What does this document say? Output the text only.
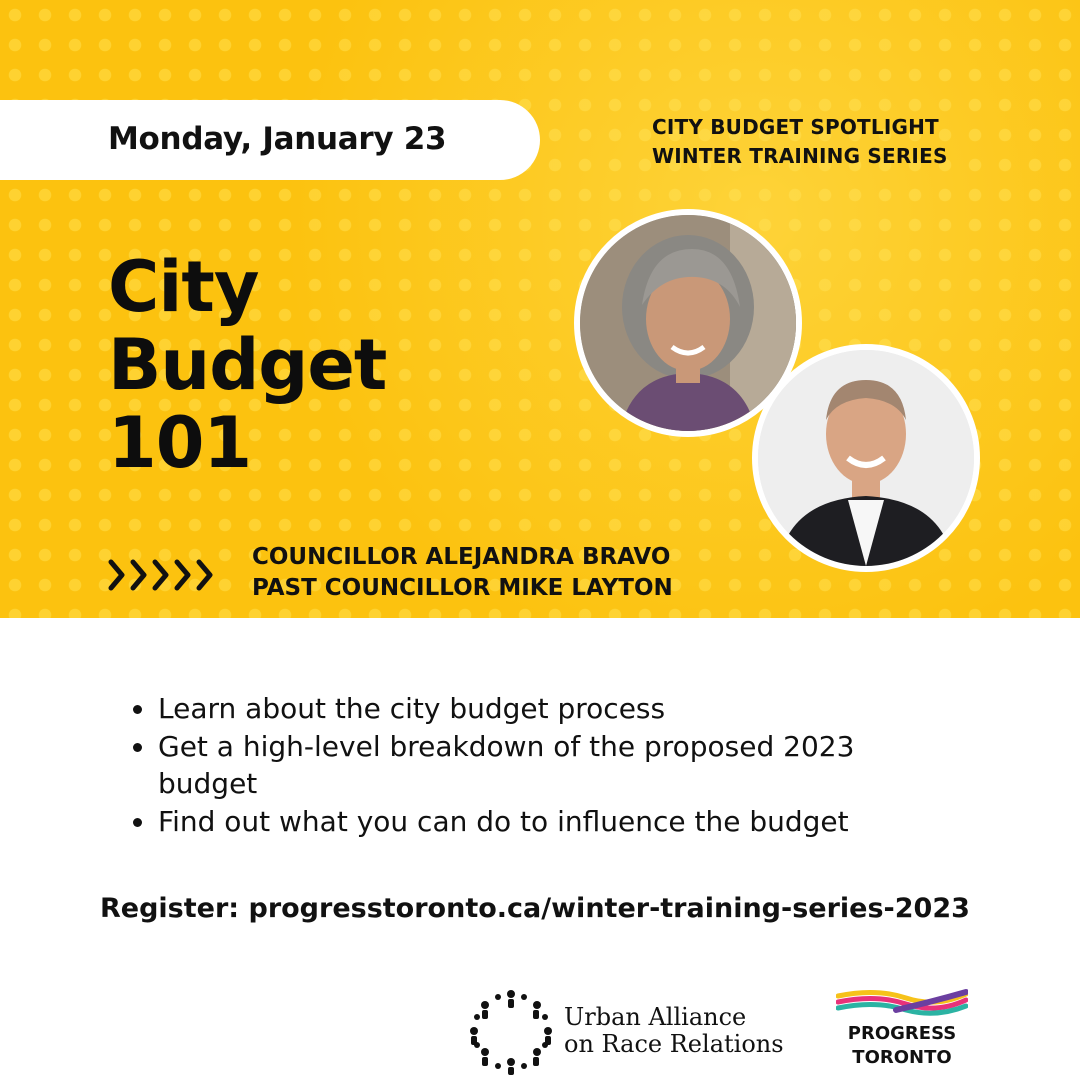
Monday, January 23	CITY BUDGET SPOTLIGHT
WINTER TRAINING SERIES
City
Budget
101
COUNCILLOR ALEJANDRA BRAVO
PAST COUNCILLOR MIKE LAYTON
Learn about the city budget process
Get a high-level breakdown of the proposed 2023 budget
Find out what you can do to influence the budget
Register: progresstoronto.ca/winter-training-series-2023
Urban Alliance
on Race Relations	PROGRESS
TORONTO
